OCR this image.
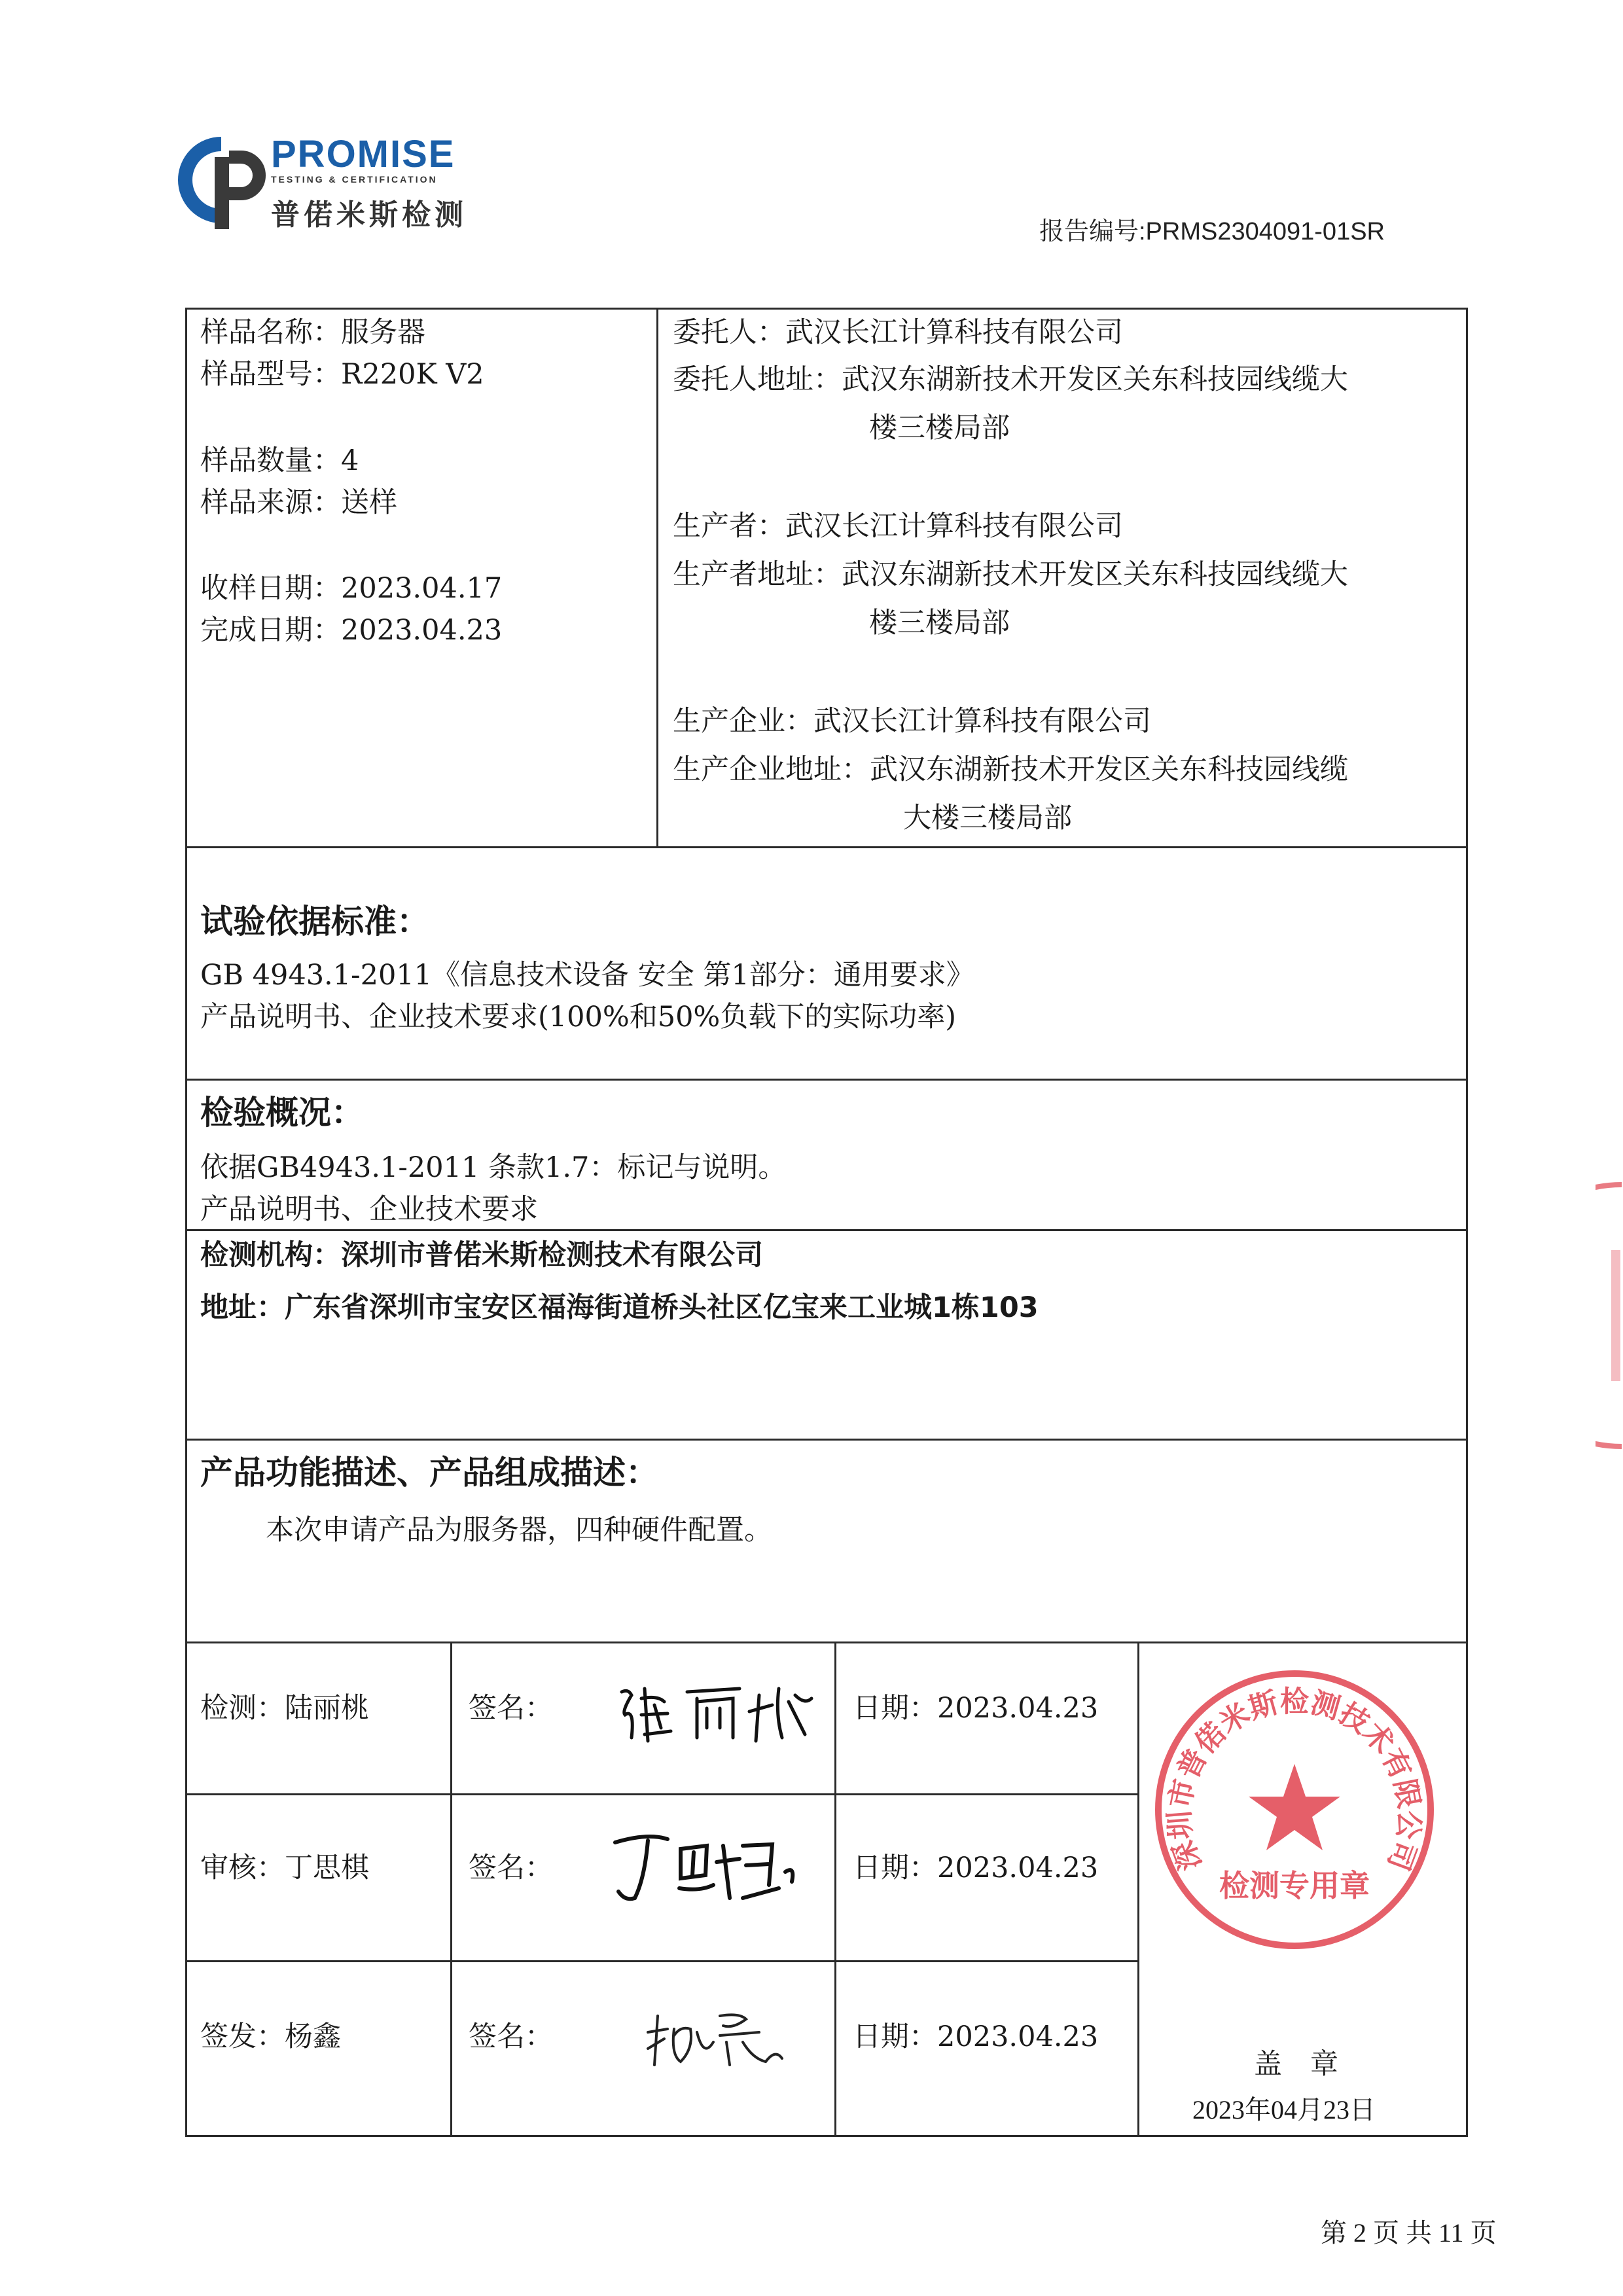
PROMISE
TESTING & CERTIFICATION
普偌米斯检测	报告编号:PRMS2304091-01SR
样品名称：服务器
样品型号：R220K V2
样品数量：4
样品来源：送样
收样日期：2023.04.17
完成日期：2023.04.23
委托人：武汉长江计算科技有限公司
委托人地址：武汉东湖新技术开发区关东科技园线缆大
楼三楼局部
生产者：武汉长江计算科技有限公司
生产者地址：武汉东湖新技术开发区关东科技园线缆大
楼三楼局部
生产企业：武汉长江计算科技有限公司
生产企业地址：武汉东湖新技术开发区关东科技园线缆
大楼三楼局部
试验依据标准：
GB 4943.1-2011《信息技术设备 安全 第1部分：通用要求》
产品说明书、企业技术要求(100%和50%负载下的实际功率)
检验概况：
依据GB4943.1-2011 条款1.7：标记与说明。
产品说明书、企业技术要求
检测机构：深圳市普偌米斯检测技术有限公司
地址：广东省深圳市宝安区福海街道桥头社区亿宝来工业城1栋103
产品功能描述、产品组成描述：
本次申请产品为服务器，四种硬件配置。
检测：陆丽桃	签名：	日期：2023.04.23
审核：丁思棋	签名：	日期：2023.04.23
签发：杨鑫	签名：	日期：2023.04.23
深圳市普偌米斯检测技术有限公司
检测专用章
盖　章
2023年04月23日
第 2 页 共 11 页
